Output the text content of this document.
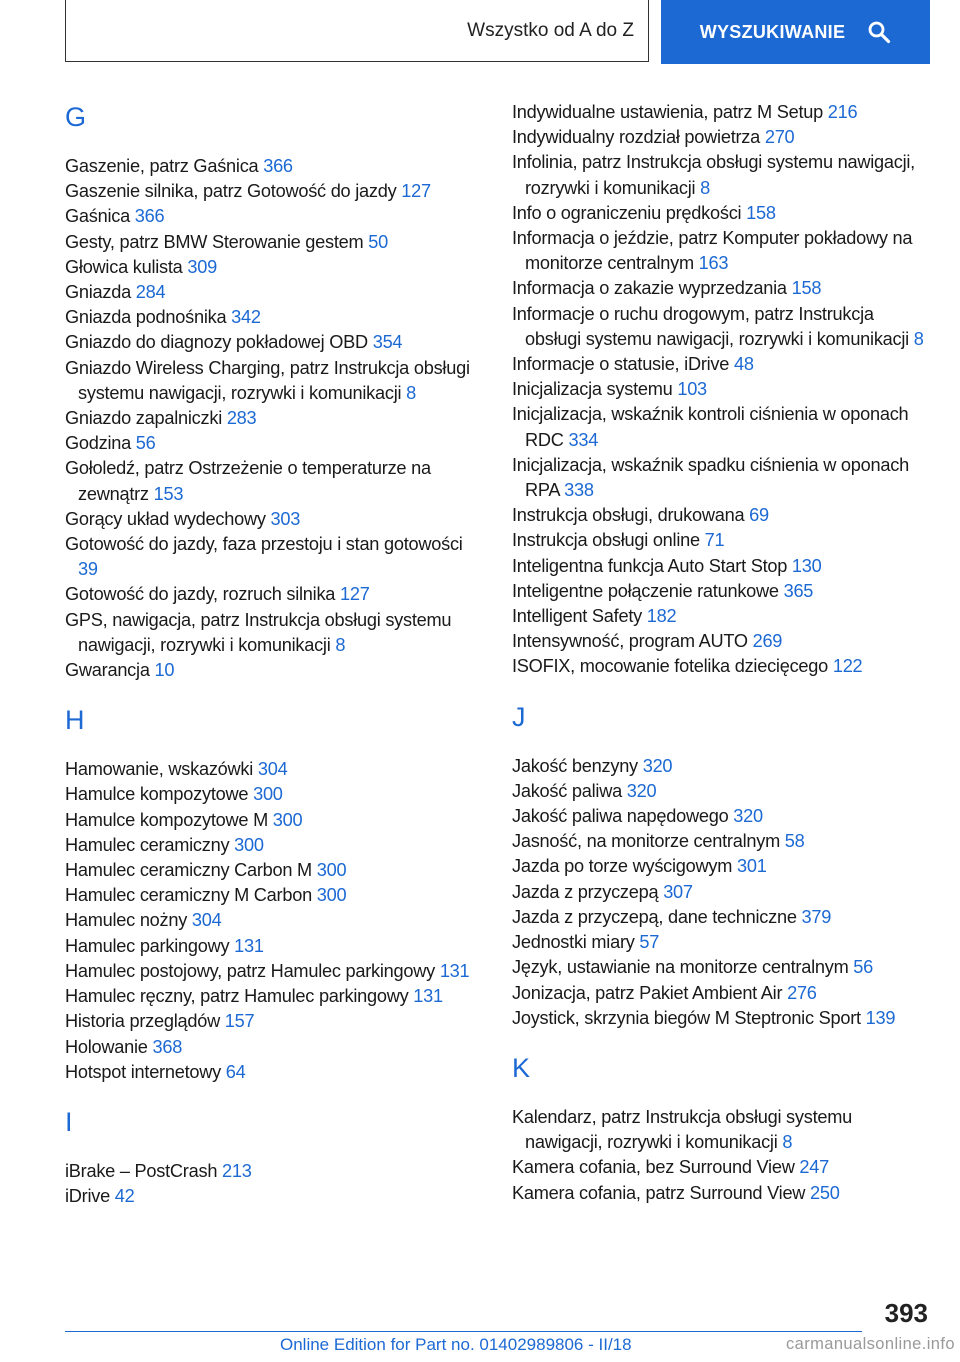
Wszystko od A do Z	WYSZUKIWANIE
G
Gaszenie, patrz Gaśnica 366
Gaszenie silnika, patrz Gotowość do jazdy 127
Gaśnica 366
Gesty, patrz BMW Sterowanie gestem 50
Głowica kulista 309
Gniazda 284
Gniazda podnośnika 342
Gniazdo do diagnozy pokładowej OBD 354
Gniazdo Wireless Charging, patrz Instrukcja obsługi systemu nawigacji, rozrywki i komunikacji 8
Gniazdo zapalniczki 283
Godzina 56
Gołoledź, patrz Ostrzeżenie o temperaturze na zewnątrz 153
Gorący układ wydechowy 303
Gotowość do jazdy, faza przestoju i stan gotowości 39
Gotowość do jazdy, rozruch silnika 127
GPS, nawigacja, patrz Instrukcja obsługi systemu nawigacji, rozrywki i komunikacji 8
Gwarancja 10
H
Hamowanie, wskazówki 304
Hamulce kompozytowe 300
Hamulce kompozytowe M 300
Hamulec ceramiczny 300
Hamulec ceramiczny Carbon M 300
Hamulec ceramiczny M Carbon 300
Hamulec nożny 304
Hamulec parkingowy 131
Hamulec postojowy, patrz Hamulec parkingowy 131
Hamulec ręczny, patrz Hamulec parkingowy 131
Historia przeglądów 157
Holowanie 368
Hotspot internetowy 64
I
iBrake – PostCrash 213
iDrive 42
Indywidualne ustawienia, patrz M Setup 216
Indywidualny rozdział powietrza 270
Infolinia, patrz Instrukcja obsługi systemu nawigacji, rozrywki i komunikacji 8
Info o ograniczeniu prędkości 158
Informacja o jeździe, patrz Komputer pokładowy na monitorze centralnym 163
Informacja o zakazie wyprzedzania 158
Informacje o ruchu drogowym, patrz Instrukcja obsługi systemu nawigacji, rozrywki i komunikacji 8
Informacje o statusie, iDrive 48
Inicjalizacja systemu 103
Inicjalizacja, wskaźnik kontroli ciśnienia w oponach RDC 334
Inicjalizacja, wskaźnik spadku ciśnienia w oponach RPA 338
Instrukcja obsługi, drukowana 69
Instrukcja obsługi online 71
Inteligentna funkcja Auto Start Stop 130
Inteligentne połączenie ratunkowe 365
Intelligent Safety 182
Intensywność, program AUTO 269
ISOFIX, mocowanie fotelika dziecięcego 122
J
Jakość benzyny 320
Jakość paliwa 320
Jakość paliwa napędowego 320
Jasność, na monitorze centralnym 58
Jazda po torze wyścigowym 301
Jazda z przyczepą 307
Jazda z przyczepą, dane techniczne 379
Jednostki miary 57
Język, ustawianie na monitorze centralnym 56
Jonizacja, patrz Pakiet Ambient Air 276
Joystick, skrzynia biegów M Steptronic Sport 139
K
Kalendarz, patrz Instrukcja obsługi systemu nawigacji, rozrywki i komunikacji 8
Kamera cofania, bez Surround View 247
Kamera cofania, patrz Surround View 250
393
Online Edition for Part no. 01402989806 - II/18	carmanualsonline.info
